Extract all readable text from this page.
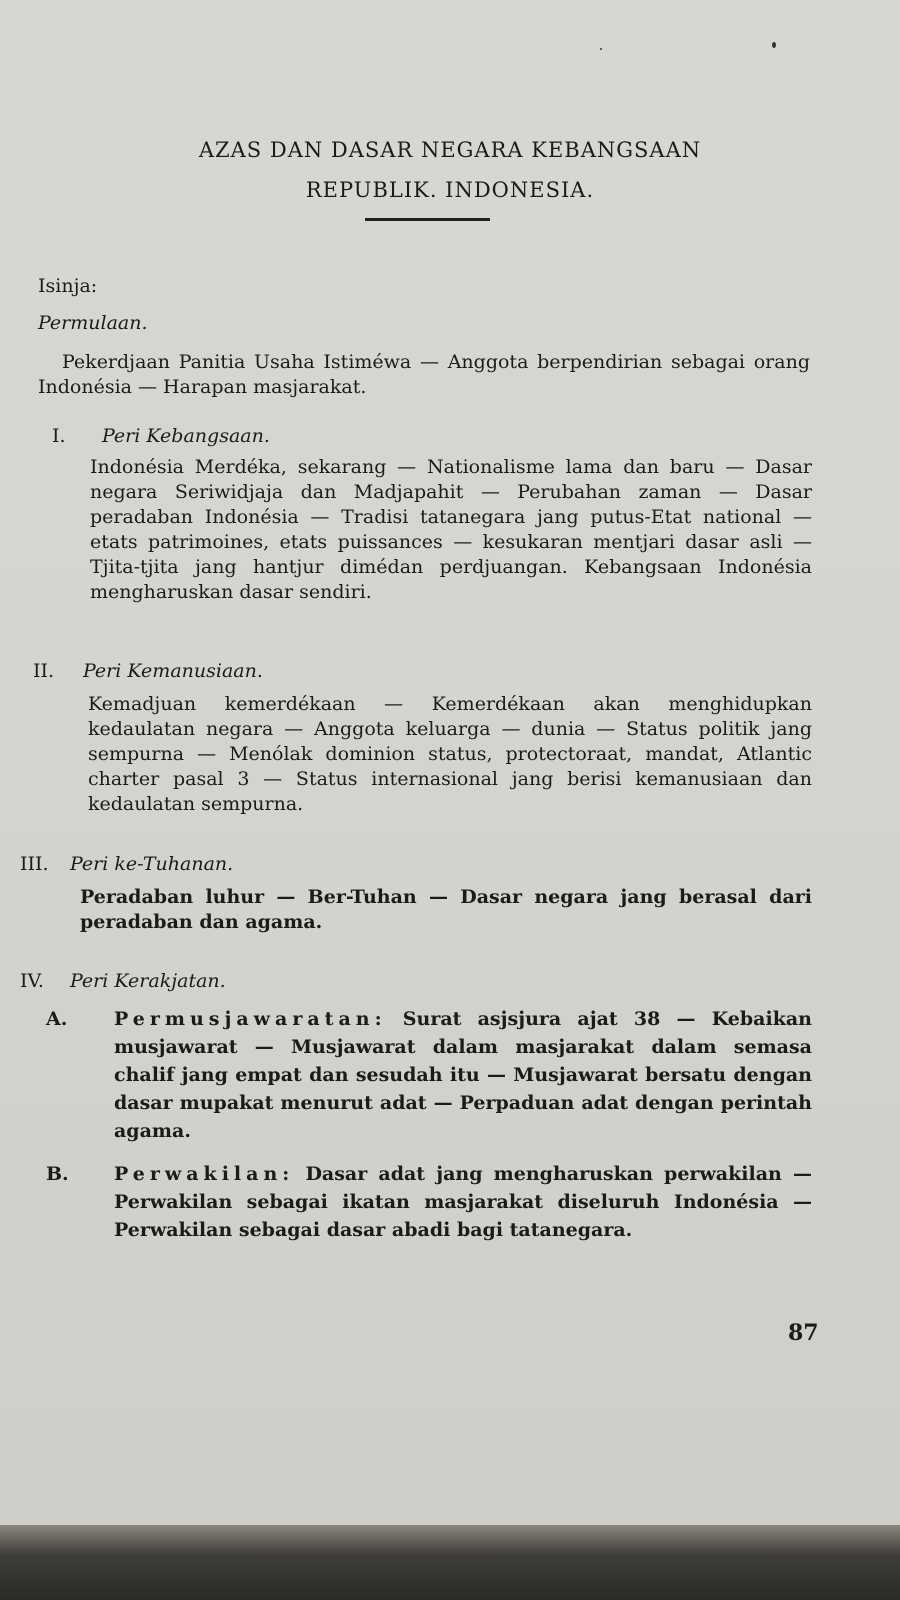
AZAS DAN DASAR NEGARA KEBANGSAAN
REPUBLIK. INDONESIA.
Isinja:
Permulaan.
Pekerdjaan Panitia Usaha Istiméwa — Anggota berpendirian sebagai orang Indonésia — Harapan masjarakat.
I. Peri Kebangsaan.
Indonésia Merdéka, sekarang — Nationalisme lama dan baru — Dasar negara Seriwidjaja dan Madjapahit — Perubahan zaman — Dasar peradaban Indonésia — Tradisi tatanegara jang putus-Etat national — etats patrimoines, etats puissances — kesukaran mentjari dasar asli — Tjita-tjita jang hantjur dimédan perdjuangan. Kebangsaan Indonésia mengharuskan dasar sendiri.
II. Peri Kemanusiaan.
Kemadjuan kemerdékaan — Kemerdékaan akan menghidupkan kedaulatan negara — Anggota keluarga — dunia — Status politik jang sempurna — Menólak dominion status, protectoraat, mandat, Atlantic charter pasal 3 — Status internasional jang berisi kemanusiaan dan kedaulatan sempurna.
III. Peri ke-Tuhanan.
Peradaban luhur — Ber-Tuhan — Dasar negara jang berasal dari peradaban dan agama.
IV. Peri Kerakjatan.
A. Permusjawaratan: Surat asjsjura ajat 38 — Kebaikan musjawarat — Musjawarat dalam masjarakat dalam semasa chalif jang empat dan sesudah itu — Musjawarat bersatu dengan dasar mupakat menurut adat — Perpaduan adat dengan perintah agama.
B. Perwakilan: Dasar adat jang mengharuskan perwakilan — Perwakilan sebagai ikatan masjarakat diseluruh Indonésia — Perwakilan sebagai dasar abadi bagi tatanegara.
87
